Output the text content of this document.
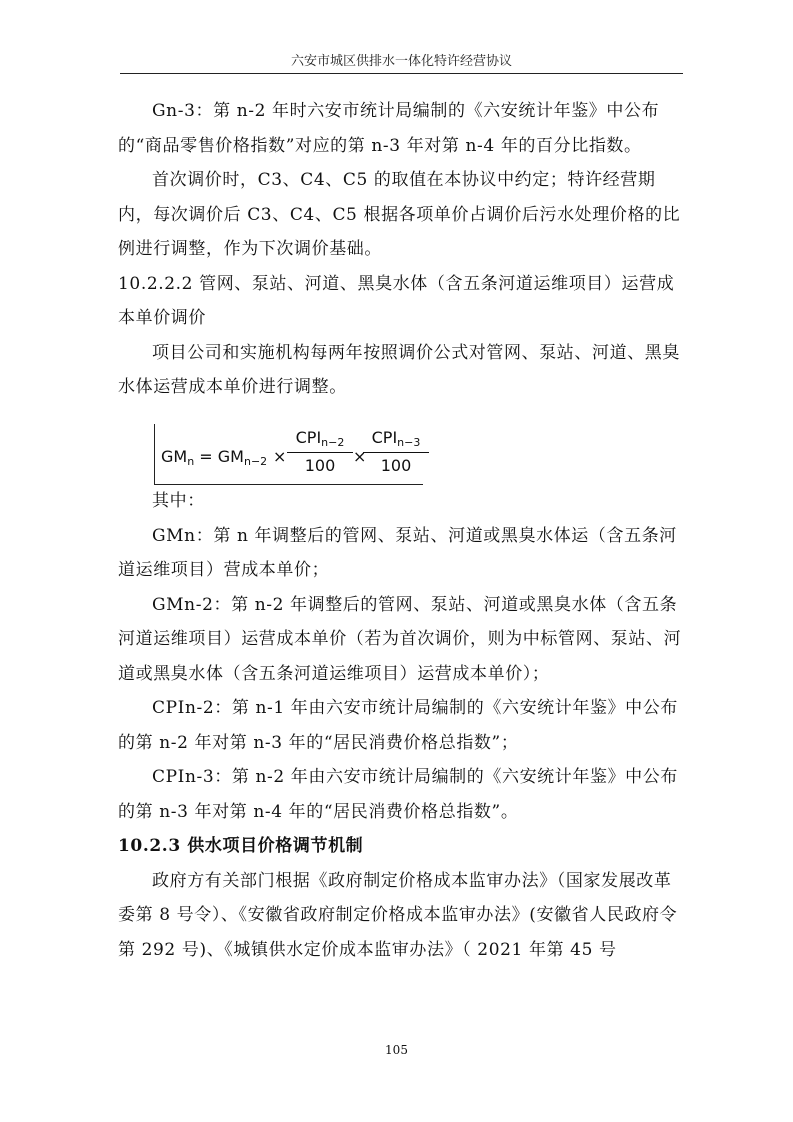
六安市城区供排水一体化特许经营协议

Gn-3：第 n-2 年时六安市统计局编制的《六安统计年鉴》中公布的“商品零售价格指数”对应的第 n-3 年对第 n-4 年的百分比指数。

首次调价时，C3、C4、C5 的取值在本协议中约定；特许经营期内，每次调价后 C3、C4、C5 根据各项单价占调价后污水处理价格的比例进行调整，作为下次调价基础。

10.2.2.2 管网、泵站、河道、黑臭水体（含五条河道运维项目）运营成本单价调价

项目公司和实施机构每两年按照调价公式对管网、泵站、河道、黑臭水体运营成本单价进行调整。

$GM_n = GM_{n-2}$ ×
$CPI_{n-2}$
100	×
$CPI_{n-3}$
100

其中：

GMn：第 n 年调整后的管网、泵站、河道或黑臭水体运（含五条河道运维项目）营成本单价；

GMn-2：第 n-2 年调整后的管网、泵站、河道或黑臭水体（含五条河道运维项目）运营成本单价（若为首次调价，则为中标管网、泵站、河道或黑臭水体（含五条河道运维项目）运营成本单价）；

CPIn-2：第 n-1 年由六安市统计局编制的《六安统计年鉴》中公布的第 n-2 年对第 n-3 年的“居民消费价格总指数”；

CPIn-3：第 n-2 年由六安市统计局编制的《六安统计年鉴》中公布的第 n-3 年对第 n-4 年的“居民消费价格总指数”。

10.2.3 供水项目价格调节机制

政府方有关部门根据《政府制定价格成本监审办法》（国家发展改革委第 8 号令）、《安徽省政府制定价格成本监审办法》(安徽省人民政府令第 292 号)、《城镇供水定价成本监审办法》（ 2021 年第 45 号

105
